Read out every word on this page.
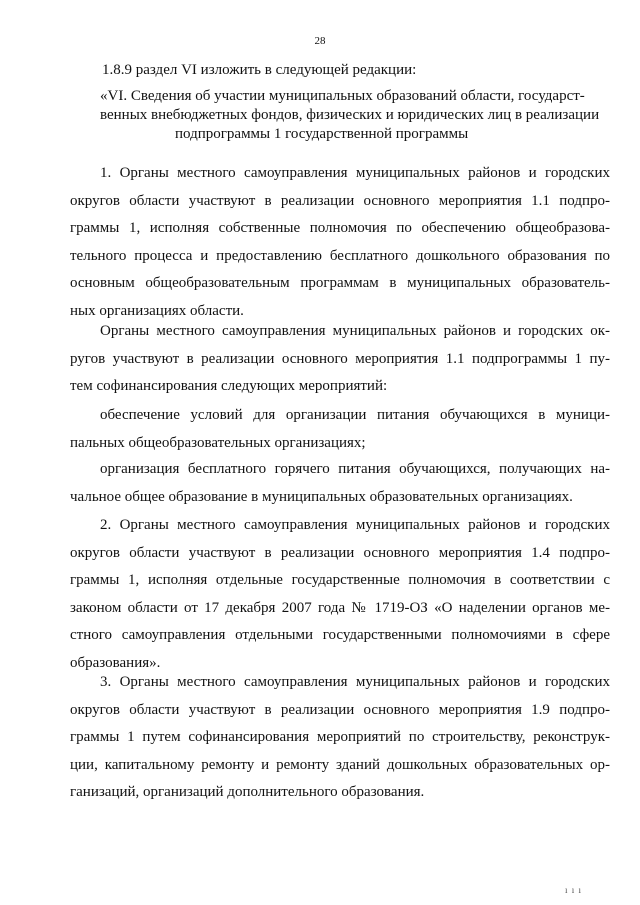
28
1.8.9 раздел VI изложить в следующей редакции:
«VI. Сведения об участии муниципальных образований области, государст-
венных внебюджетных фондов, физических и юридических лиц в реализации
подпрограммы 1 государственной программы
1. Органы местного самоуправления муниципальных районов и городских
округов области участвуют в реализации основного мероприятия 1.1 подпро-
граммы 1, исполняя собственные полномочия по обеспечению общеобразова-
тельного процесса и предоставлению бесплатного дошкольного образования по
основным общеобразовательным программам в муниципальных образователь-
ных организациях области.
Органы местного самоуправления муниципальных районов и городских ок-
ругов участвуют в реализации основного мероприятия 1.1 подпрограммы 1 пу-
тем софинансирования следующих мероприятий:
обеспечение условий для организации питания обучающихся в муници-
пальных общеобразовательных организациях;
организация бесплатного горячего питания обучающихся, получающих на-
чальное общее образование в муниципальных образовательных организациях.
2. Органы местного самоуправления муниципальных районов и городских
округов области участвуют в реализации основного мероприятия 1.4 подпро-
граммы 1, исполняя отдельные государственные полномочия в соответствии с
законом области от 17 декабря 2007 года № 1719-ОЗ «О наделении органов ме-
стного самоуправления отдельными государственными полномочиями в сфере
образования».
3. Органы местного самоуправления муниципальных районов и городских
округов области участвуют в реализации основного мероприятия 1.9 подпро-
граммы 1 путем софинансирования мероприятий по строительству, реконструк-
ции, капитальному ремонту и ремонту зданий дошкольных образовательных ор-
ганизаций, организаций дополнительного образования.
ı ı ı
